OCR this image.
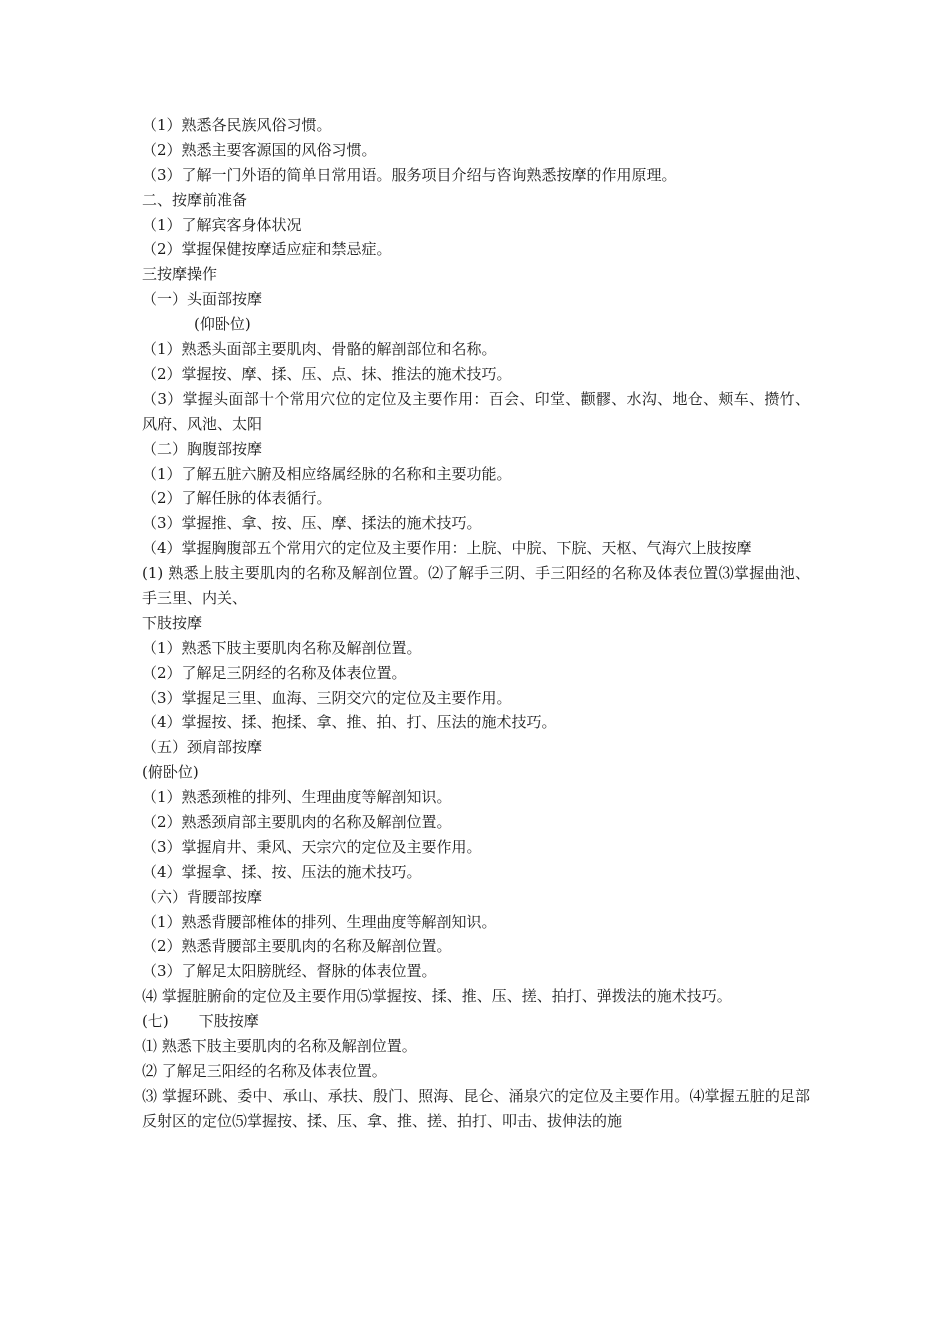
（1）熟悉各民族风俗习惯。
（2）熟悉主要客源国的风俗习惯。
（3）了解一门外语的简单日常用语。服务项目介绍与咨询熟悉按摩的作用原理。
二、按摩前准备
（1）了解宾客身体状况
（2）掌握保健按摩适应症和禁忌症。
三按摩操作
（一）头面部按摩
(仰卧位)
（1）熟悉头面部主要肌肉、骨骼的解剖部位和名称。
（2）掌握按、摩、揉、压、点、抹、推法的施术技巧。
（3）掌握头面部十个常用穴位的定位及主要作用：百会、印堂、颧髎、水沟、地仓、颊车、攒竹、风府、风池、太阳
（二）胸腹部按摩
（1）了解五脏六腑及相应络属经脉的名称和主要功能。
（2）了解任脉的体表循行。
（3）掌握推、拿、按、压、摩、揉法的施术技巧。
（4）掌握胸腹部五个常用穴的定位及主要作用：上脘、中脘、下脘、天枢、气海穴上肢按摩
(1) 熟悉上肢主要肌肉的名称及解剖位置。⑵了解手三阴、手三阳经的名称及体表位置⑶掌握曲池、手三里、内关、
下肢按摩
（1）熟悉下肢主要肌肉名称及解剖位置。
（2）了解足三阴经的名称及体表位置。
（3）掌握足三里、血海、三阴交穴的定位及主要作用。
（4）掌握按、揉、抱揉、拿、推、拍、打、压法的施术技巧。
（五）颈肩部按摩
(俯卧位)
（1）熟悉颈椎的排列、生理曲度等解剖知识。
（2）熟悉颈肩部主要肌肉的名称及解剖位置。
（3）掌握肩井、秉风、天宗穴的定位及主要作用。
（4）掌握拿、揉、按、压法的施术技巧。
（六）背腰部按摩
（1）熟悉背腰部椎体的排列、生理曲度等解剖知识。
（2）熟悉背腰部主要肌肉的名称及解剖位置。
（3）了解足太阳膀胱经、督脉的体表位置。
⑷ 掌握脏腑俞的定位及主要作用⑸掌握按、揉、推、压、搓、拍打、弹拨法的施术技巧。
(七)　　下肢按摩
⑴ 熟悉下肢主要肌肉的名称及解剖位置。
⑵ 了解足三阳经的名称及体表位置。
⑶ 掌握环跳、委中、承山、承扶、殷门、照海、昆仑、涌泉穴的定位及主要作用。⑷掌握五脏的足部反射区的定位⑸掌握按、揉、压、拿、推、搓、拍打、叩击、拔伸法的施
